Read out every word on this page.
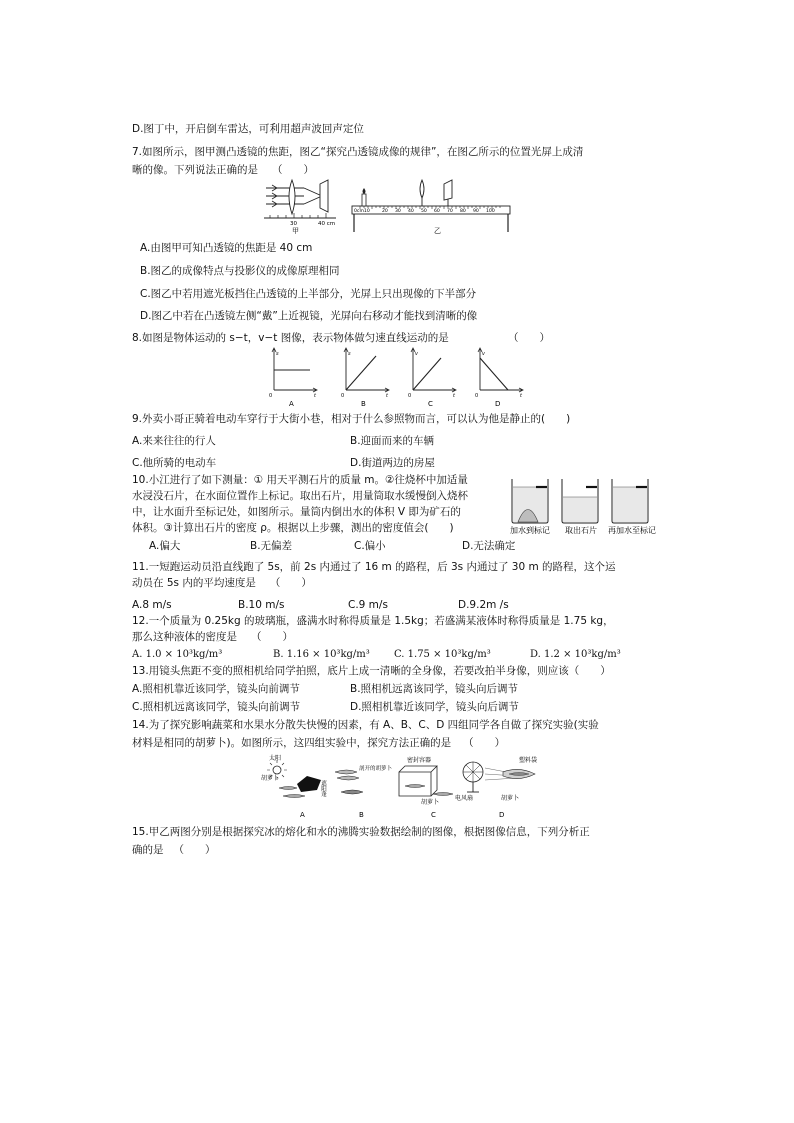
D.图丁中，开启倒车雷达，可利用超声波回声定位
7.如图所示，图甲测凸透镜的焦距，图乙“探究凸透镜成像的规律”，在图乙所示的位置光屏上成清
晰的像。下列说法正确的是 （　　）
30	40 cm
甲
0cm10	20 30 40 50 60 70 80 90 100
乙
A.由图甲可知凸透镜的焦距是 40 cm
B.图乙的成像特点与投影仪的成像原理相同
C.图乙中若用遮光板挡住凸透镜的上半部分，光屏上只出现像的下半部分
D.图乙中若在凸透镜左侧“戴”上近视镜，光屏向右移动才能找到清晰的像
8.如图是物体运动的 s−t，v−t 图像，表示物体做匀速直线运动的是	（　　）
s
t
0
A
s
t
0
B
v
t
0
C
v
t
0
D
9.外卖小哥正骑着电动车穿行于大街小巷，相对于什么参照物而言，可以认为他是静止的(　　)
A.来来往往的行人	B.迎面而来的车辆
C.他所骑的电动车	D.街道两边的房屋
10.小江进行了如下测量：① 用天平测石片的质量 m。②往烧杯中加适量
水浸没石片，在水面位置作上标记。取出石片，用量筒取水缓慢倒入烧杯
中，让水面升至标记处，如图所示。量筒内倒出水的体积 V 即为矿石的
体积。③计算出石片的密度 ρ。根据以上步骤，测出的密度值会(　　)	加水到标记 取出石片 再加水至标记
A.偏大	B.无偏差	C.偏小	D.无法确定
11.一短跑运动员沿直线跑了 5s，前 2s 内通过了 16 m 的路程，后 3s 内通过了 30 m 的路程，这个运
动员在 5s 内的平均速度是 （　　）
A.8 m/s	B.10 m/s	C.9 m/s	D.9.2m /s
12.一个质量为 0.25kg 的玻璃瓶，盛满水时称得质量是 1.5kg；若盛满某液体时称得质量是 1.75 kg，
那么这种液体的密度是 （　　）
A. 1.0 × 10³kg/m³	B. 1.16 × 10³kg/m³ C. 1.75 × 10³kg/m³	D. 1.2 × 10³kg/m³
13.用镜头焦距不变的照相机给同学拍照，底片上成一清晰的全身像，若要改拍半身像，则应该（　　）
A.照相机靠近该同学，镜头向前调节	B.照相机远离该同学，镜头向后调节
C.照相机远离该同学，镜头向前调节	D.照相机靠近该同学，镜头向后调节
14.为了探究影响蔬菜和水果水分散失快慢的因素，有 A、B、C、D 四组同学各自做了探究实验(实验
材料是相同的胡萝卜)。如图所示，这四组实验中，探究方法正确的是 （　　）
太阳
胡萝卜
遮阳蓬
剖开的胡萝卜
密封容器
胡萝卜
塑料袋
电风扇	胡萝卜
A	B	C	D
15.甲乙两图分别是根据探究冰的熔化和水的沸腾实验数据绘制的图像，根据图像信息，下列分析正
确的是 （　　）
